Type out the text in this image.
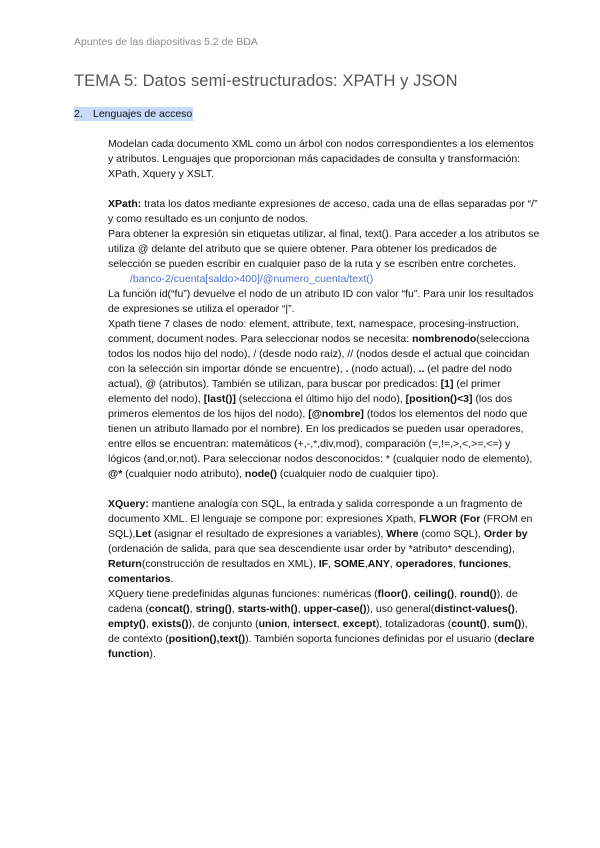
Apuntes de las diapositivas 5.2 de BDA
TEMA 5: Datos semi-estructurados: XPATH y JSON
2. Lenguajes de acceso

Modelan cada documento XML como un árbol con nodos correspondientes a los elementos y atributos. Lenguajes que proporcionan más capacidades de consulta y transformación: XPath, Xquery y XSLT.

XPath: trata los datos mediante expresiones de acceso, cada una de ellas separadas por “/” y como resultado es un conjunto de nodos.

Para obtener la expresión sin etiquetas utilizar, al final, text(). Para acceder a los atributos se utiliza @ delante del atributo que se quiere obtener. Para obtener los predicados de selección se pueden escribir en cualquier paso de la ruta y se escriben entre corchetes.

/banco-2/cuenta[saldo>400]/@numero_cuenta/text()

La función id(“fu”) devuelve el nodo de un atributo ID con valor “fu”. Para unir los resultados de expresiones se utiliza el operador “|”.

Xpath tiene 7 clases de nodo: element, attribute, text, namespace, procesing-instruction, comment, document nodes. Para seleccionar nodos se necesita: nombrenodo(selecciona todos los nodos hijo del nodo), / (desde nodo raíz), // (nodos desde el actual que coincidan con la selección sin importar dónde se encuentre), . (nodo actual), .. (el padre del nodo actual), @ (atributos). También se utilizan, para buscar por predicados: [1] (el primer elemento del nodo), [last()] (selecciona el último hijo del nodo), [position()<3] (los dos primeros elementos de los hijos del nodo), [@nombre] (todos los elementos del nodo que tienen un atributo llamado por el nombre). En los predicados se pueden usar operadores, entre ellos se encuentran: matemáticos (+,-,*,div,mod), comparación (=,!=,>,<,>=,<=) y lógicos (and,or,not). Para seleccionar nodos desconocidos: * (cualquier nodo de elemento), @* (cualquier nodo atributo), node() (cualquier nodo de cualquier tipo).

XQuery: mantiene analogía con SQL, la entrada y salida corresponde a un fragmento de documento XML. El lenguaje se compone por: expresiones Xpath, FLWOR (For (FROM en SQL),Let (asignar el resultado de expresiones a variables), Where (como SQL), Order by (ordenación de salida, para que sea descendiente usar order by *atributo* descending), Return(construcción de resultados en XML), IF, SOME,ANY, operadores, funciones, comentarios.

XQuery tiene predefinidas algunas funciones: numéricas (floor(), ceiling(), round()), de cadena (concat(), string(), starts-with(), upper-case()), uso general(distinct-values(), empty(), exists()), de conjunto (union, intersect, except), totalizadoras (count(), sum()), de contexto (position(),text()). También soporta funciones definidas por el usuario (declare function).
